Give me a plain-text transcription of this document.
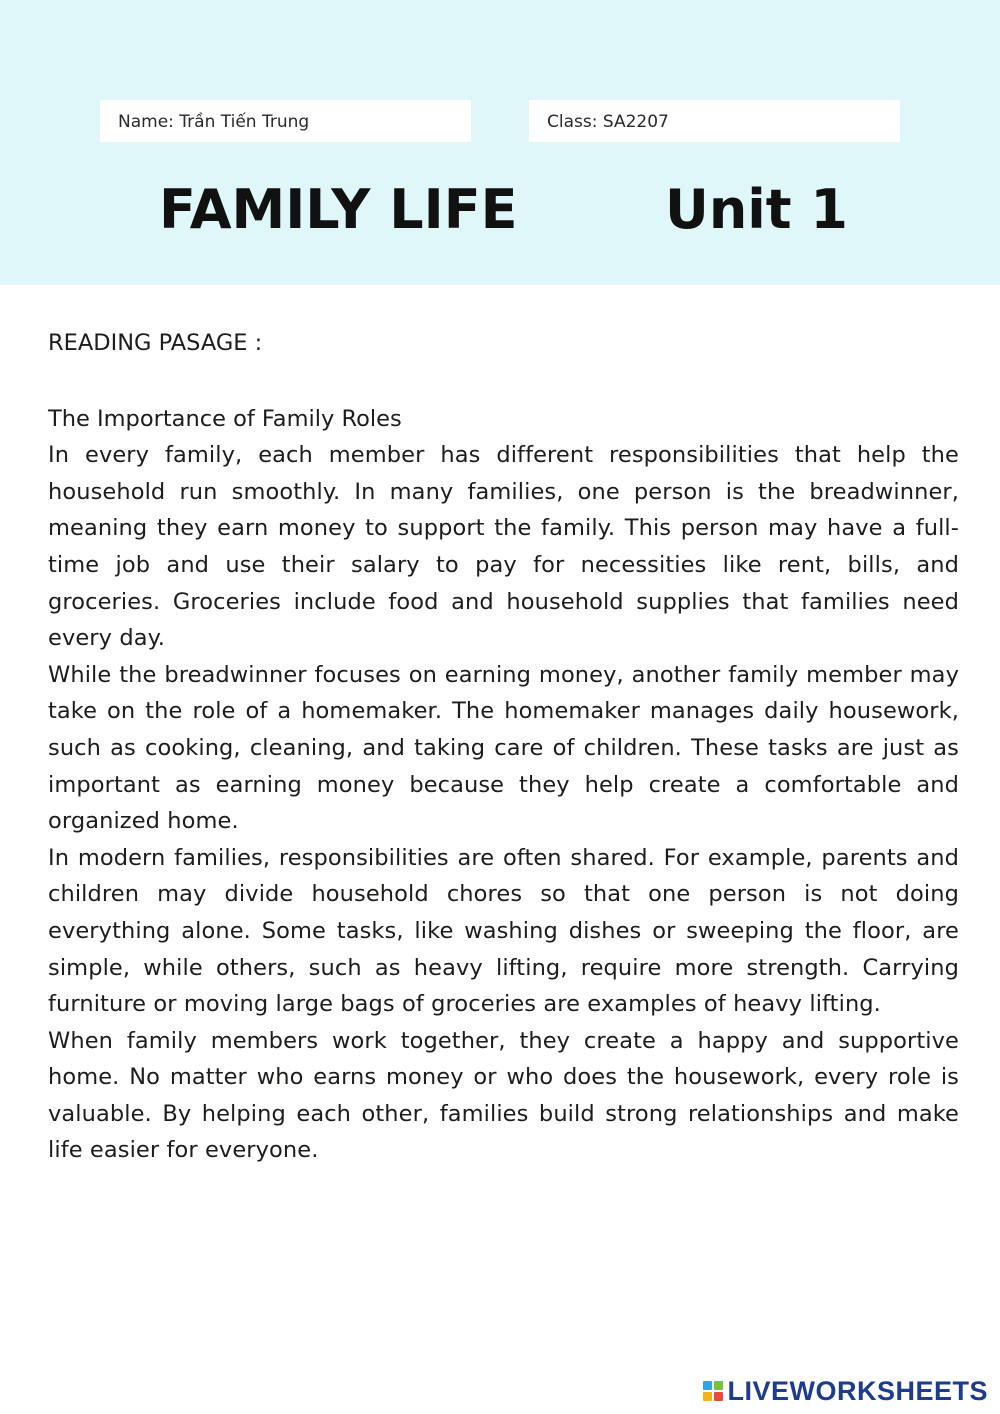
Name: Trần Tiến Trung	Class: SA2207
FAMILY LIFE	Unit 1

READING PASAGE :

The Importance of Family Roles

In every family, each member has different responsibilities that help the household run smoothly. In many families, one person is the breadwinner, meaning they earn money to support the family. This person may have a full-time job and use their salary to pay for necessities like rent, bills, and groceries. Groceries include food and household supplies that families need every day.

While the breadwinner focuses on earning money, another family member may take on the role of a homemaker. The homemaker manages daily housework, such as cooking, cleaning, and taking care of children. These tasks are just as important as earning money because they help create a comfortable and organized home.

In modern families, responsibilities are often shared. For example, parents and children may divide household chores so that one person is not doing everything alone. Some tasks, like washing dishes or sweeping the floor, are simple, while others, such as heavy lifting, require more strength. Carrying furniture or moving large bags of groceries are examples of heavy lifting.

When family members work together, they create a happy and supportive home. No matter who earns money or who does the housework, every role is valuable. By helping each other, families build strong relationships and make life easier for everyone.

LIVEWORKSHEETS
